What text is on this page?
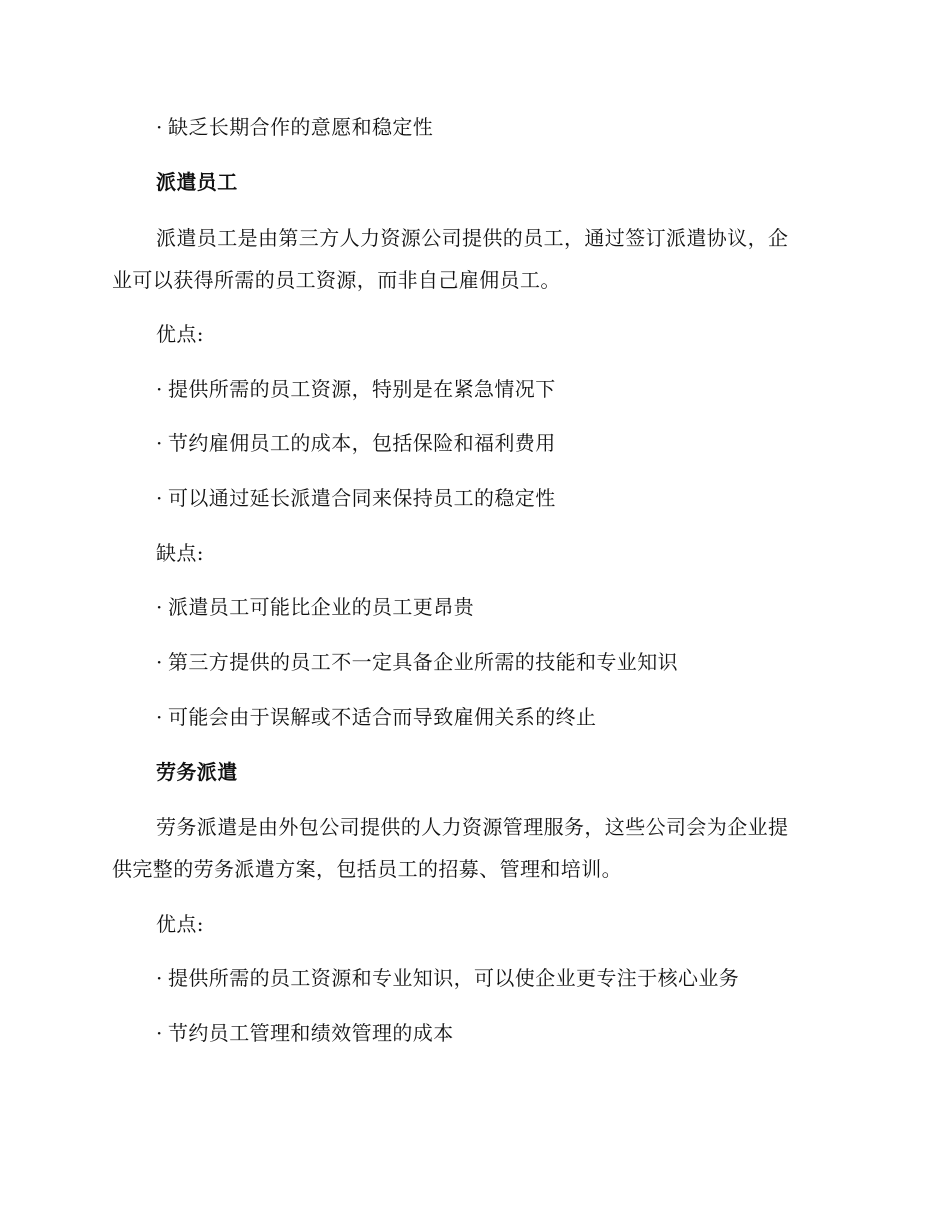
· 缺乏长期合作的意愿和稳定性
派遣员工
派遣员工是由第三方人力资源公司提供的员工，通过签订派遣协议，企
业可以获得所需的员工资源，而非自己雇佣员工。
优点:
· 提供所需的员工资源，特别是在紧急情况下
· 节约雇佣员工的成本，包括保险和福利费用
· 可以通过延长派遣合同来保持员工的稳定性
缺点:
· 派遣员工可能比企业的员工更昂贵
· 第三方提供的员工不一定具备企业所需的技能和专业知识
· 可能会由于误解或不适合而导致雇佣关系的终止
劳务派遣
劳务派遣是由外包公司提供的人力资源管理服务，这些公司会为企业提
供完整的劳务派遣方案，包括员工的招募、管理和培训。
优点:
· 提供所需的员工资源和专业知识，可以使企业更专注于核心业务
· 节约员工管理和绩效管理的成本
